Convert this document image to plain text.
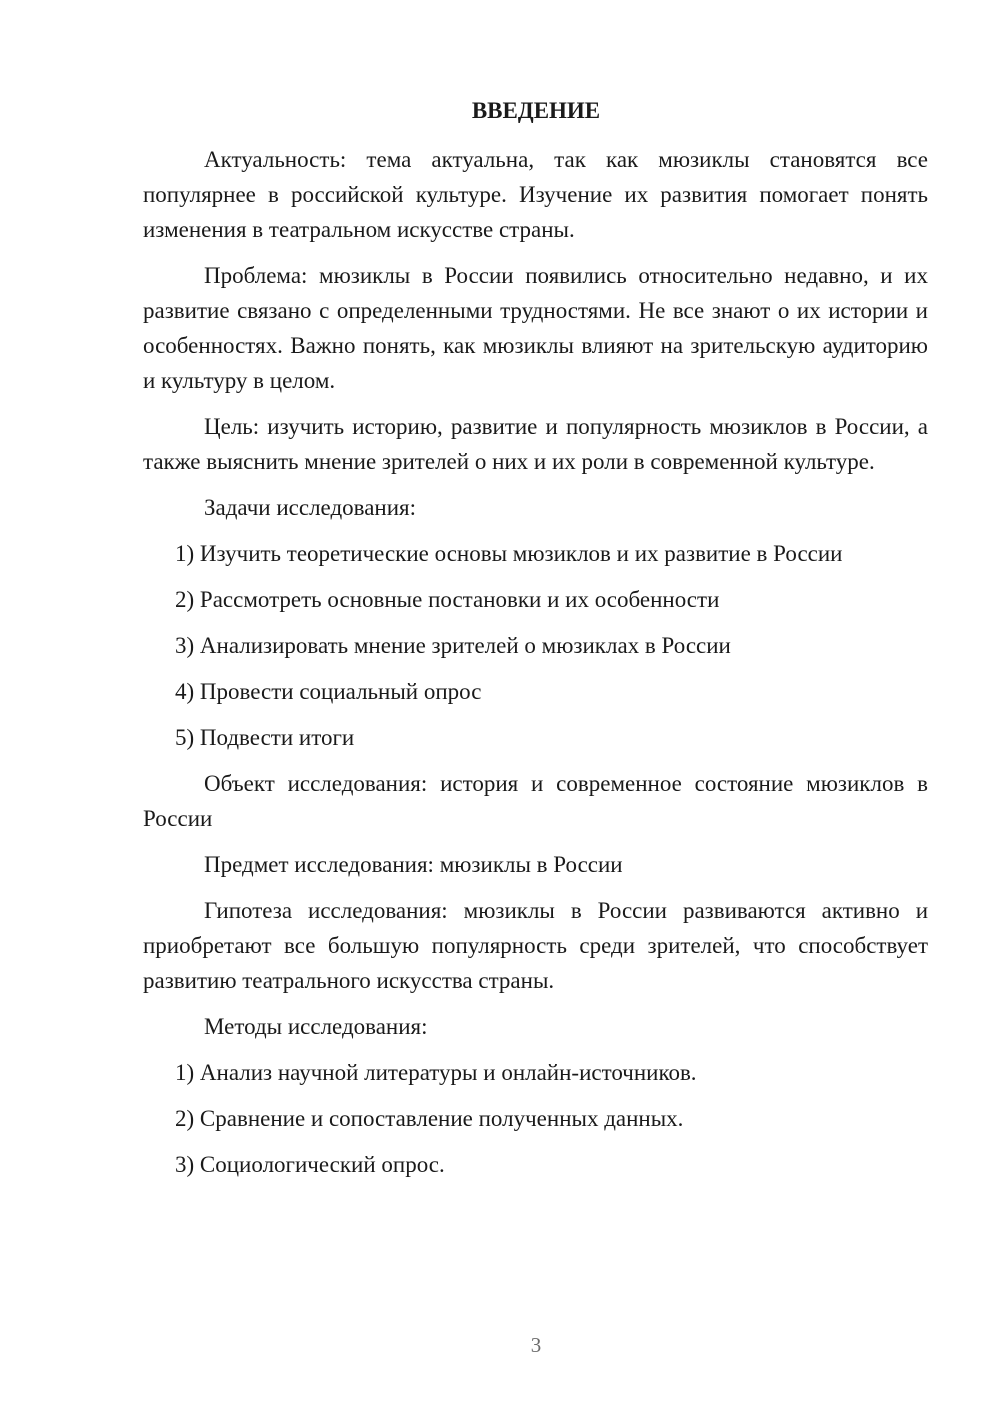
ВВЕДЕНИЕ

Актуальность: тема актуальна, так как мюзиклы становятся все популярнее в российской культуре. Изучение их развития помогает понять изменения в театральном искусстве страны.

Проблема: мюзиклы в России появились относительно недавно, и их развитие связано с определенными трудностями. Не все знают о их истории и особенностях. Важно понять, как мюзиклы влияют на зрительскую аудиторию и культуру в целом.

Цель: изучить историю, развитие и популярность мюзиклов в России, а также выяснить мнение зрителей о них и их роли в современной культуре.

Задачи исследования:

1) Изучить теоретические основы мюзиклов и их развитие в России

2) Рассмотреть основные постановки и их особенности

3) Анализировать мнение зрителей о мюзиклах в России

4) Провести социальный опрос

5) Подвести итоги

Объект исследования: история и современное состояние мюзиклов в России

Предмет исследования: мюзиклы в России

Гипотеза исследования: мюзиклы в России развиваются активно и приобретают все большую популярность среди зрителей, что способствует развитию театрального искусства страны.

Методы исследования:

1) Анализ научной литературы и онлайн-источников.

2) Сравнение и сопоставление полученных данных.

3) Социологический опрос.

3
